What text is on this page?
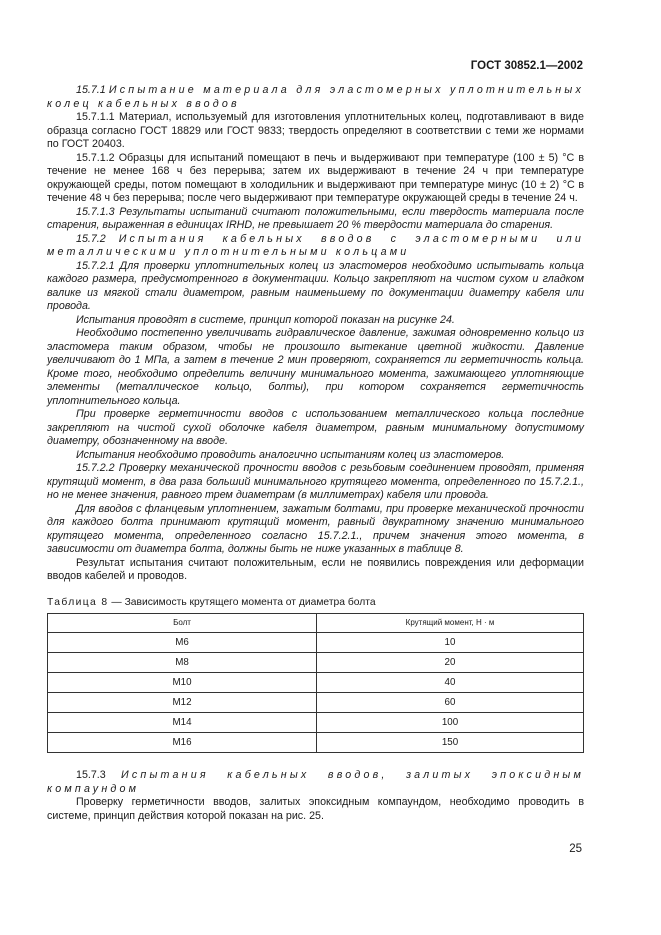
ГОСТ 30852.1—2002

15.7.1 Испытание материала для эластомерных уплотнительных колец кабельных вводов

15.7.1.1 Материал, используемый для изготовления уплотнительных колец, подготавливают в виде образца согласно ГОСТ 18829 или ГОСТ 9833; твердость определяют в соответствии с теми же нормами по ГОСТ 20403.

15.7.1.2 Образцы для испытаний помещают в печь и выдерживают при температуре (100 ± 5) °С в течение не менее 168 ч без перерыва; затем их выдерживают в течение 24 ч при температуре окружающей среды, потом помещают в холодильник и выдерживают при температуре минус (10 ± 2) °С в течение 48 ч без перерыва; после чего выдерживают при температуре окружающей среды в течение 24 ч.

15.7.1.3 Результаты испытаний считают положительными, если твердость материала после старения, выраженная в единицах IRHD, не превышает 20 % твердости материала до старения.

15.7.2 Испытания кабельных вводов с эластомерными или металлическими уплотнительными кольцами

15.7.2.1 Для проверки уплотнительных колец из эластомеров необходимо испытывать кольца каждого размера, предусмотренного в документации. Кольцо закрепляют на чистом сухом и гладком валике из мягкой стали диаметром, равным наименьшему по документации диаметру кабеля или провода.

Испытания проводят в системе, принцип которой показан на рисунке 24.

Необходимо постепенно увеличивать гидравлическое давление, зажимая одновременно кольцо из эластомера таким образом, чтобы не произошло вытекание цветной жидкости. Давление увеличивают до 1 МПа, а затем в течение 2 мин проверяют, сохраняется ли герметичность кольца. Кроме того, необходимо определить величину минимального момента, зажимающего уплотняющие элементы (металлическое кольцо, болты), при котором сохраняется герметичность уплотнительного кольца.

При проверке герметичности вводов с использованием металлического кольца последние закрепляют на чистой сухой оболочке кабеля диаметром, равным минимальному допустимому диаметру, обозначенному на вводе.

Испытания необходимо проводить аналогично испытаниям колец из эластомеров.

15.7.2.2 Проверку механической прочности вводов с резьбовым соединением проводят, применяя крутящий момент, в два раза больший минимального крутящего момента, определенного по 15.7.2.1., но не менее значения, равного трем диаметрам (в миллиметрах) кабеля или провода.

Для вводов с фланцевым уплотнением, зажатым болтами, при проверке механической прочности для каждого болта принимают крутящий момент, равный двукратному значению минимального крутящего момента, определенного согласно 15.7.2.1., причем значения этого момента, в зависимости от диаметра болта, должны быть не ниже указанных в таблице 8.

Результат испытания считают положительным, если не появились повреждения или деформации вводов кабелей и проводов.

Таблица 8 — Зависимость крутящего момента от диаметра болта
Болт	Крутящий момент, Н · м
М6	10
М8	20
М10	40
М12	60
М14	100
М16	150

15.7.3 Испытания кабельных вводов, залитых эпоксидным компаундом

Проверку герметичности вводов, залитых эпоксидным компаундом, необходимо проводить в системе, принцип действия которой показан на рис. 25.

25
